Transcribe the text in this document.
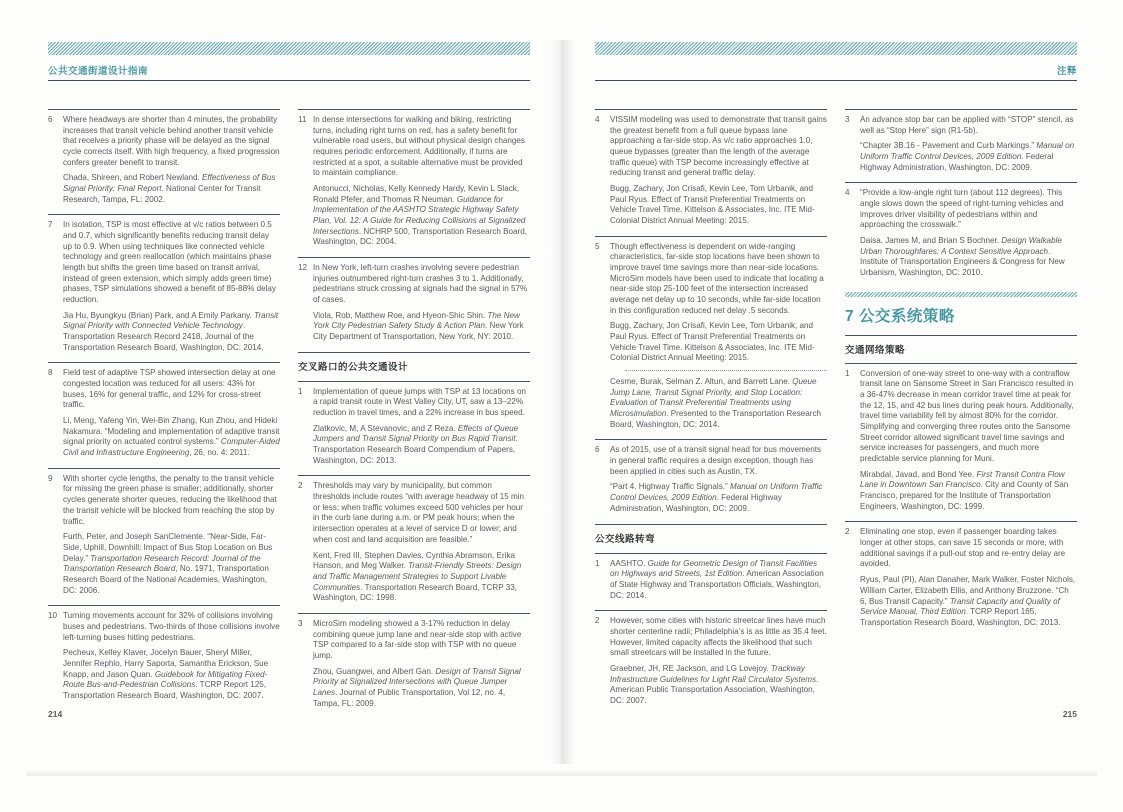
公共交通街道设计指南
6	Where headways are shorter than 4 minutes, the probability increases that transit vehicle behind another transit vehicle that receives a priority phase will be delayed as the signal cycle corrects itself. With high frequency, a fixed progression confers greater benefit to transit.
Chada, Shireen, and Robert Newland. Effectiveness of Bus Signal Priority: Final Report. National Center for Transit Research, Tampa, FL: 2002.
7	In isolation, TSP is most effective at v/c ratios between 0.5 and 0.7, which significantly benefits reducing transit delay up to 0.9. When using techniques like connected vehicle technology and green reallocation (which maintains phase length but shifts the green time based on transit arrival, instead of green extension, which simply adds green time) phases, TSP simulations showed a benefit of 85-88% delay reduction.
Jia Hu, Byungkyu (Brian) Park, and A Emily Parkany. Transit Signal Priority with Connected Vehicle Technology. Transportation Research Record 2418, Journal of the Transportation Research Board, Washington, DC: 2014.
8	Field test of adaptive TSP showed intersection delay at one congested location was reduced for all users: 43% for buses, 16% for general traffic, and 12% for cross-street traffic.
Li, Meng, Yafeng Yin, Wei-Bin Zhang, Kun Zhou, and Hideki Nakamura. “Modeling and implementation of adaptive transit signal priority on actuated control systems.” Computer-Aided Civil and Infrastructure Engineering, 26, no. 4: 2011.
9	With shorter cycle lengths, the penalty to the transit vehicle for missing the green phase is smaller; additionally, shorter cycles generate shorter queues, reducing the likelihood that the transit vehicle will be blocked from reaching the stop by traffic.
Furth, Peter, and Joseph SanClemente. “Near-Side, Far-Side, Uphill, Downhill: Impact of Bus Stop Location on Bus Delay.” Transportation Research Record: Journal of the Transportation Research Board, No. 1971, Transportation Research Board of the National Academies, Washington, DC: 2006.
10 Turning movements account for 32% of collisions involving buses and pedestrians. Two-thirds of those collisions involve left-turning buses hitting pedestrians.
Pecheux, Kelley Klaver, Jocelyn Bauer, Sheryl Miller, Jennifer Rephlo, Harry Saporta, Samantha Erickson, Sue Knapp, and Jason Quan. Guidebook for Mitigating Fixed-Route Bus-and-Pedestrian Collisions. TCRP Report 125, Transportation Research Board, Washington, DC: 2007.
11 In dense intersections for walking and biking, restricting turns, including right turns on red, has a safety benefit for vulnerable road users, but without physical design changes requires periodic enforcement. Additionally, if turns are restricted at a spot, a suitable alternative must be provided to maintain compliance.
Antonucci, Nicholas, Kelly Kennedy Hardy, Kevin L Slack, Ronald Pfefer, and Thomas R Neuman. Guidance for Implementation of the AASHTO Strategic Highway Safety Plan, Vol. 12: A Guide for Reducing Collisions at Signalized Intersections. NCHRP 500, Transportation Research Board, Washington, DC: 2004.
12 In New York, left-turn crashes involving severe pedestrian injuries outnumbered right-turn crashes 3 to 1. Additionally, pedestrians struck crossing at signals had the signal in 57% of cases.
Viola, Rob, Matthew Roe, and Hyeon-Shic Shin. The New York City Pedestrian Safety Study & Action Plan. New York City Department of Transportation, New York, NY: 2010.
交叉路口的公共交通设计
1	Implementation of queue jumps with TSP at 13 locations on a rapid transit route in West Valley City, UT, saw a 13–22% reduction in travel times, and a 22% increase in bus speed.
Zlatkovic, M, A Stevanovic, and Z Reza. Effects of Queue Jumpers and Transit Signal Priority on Bus Rapid Transit. Transportation Research Board Compendium of Papers, Washington, DC: 2013.
2	Thresholds may vary by municipality, but common thresholds include routes “with average headway of 15 min or less; when traffic volumes exceed 500 vehicles per hour in the curb lane during a.m. or PM peak hours; when the intersection operates at a level of service D or lower; and when cost and land acquisition are feasible.”
Kent, Fred III, Stephen Davies, Cynthia Abramson, Erika Hanson, and Meg Walker. Transit-Friendly Streets: Design and Traffic Management Strategies to Support Livable Communities. Transportation Research Board, TCRP 33, Washington, DC: 1998.
3	MicroSim modeling showed a 3-17% reduction in delay combining queue jump lane and near-side stop with active TSP compared to a far-side stop with TSP with no queue jump.
Zhou, Guangwei, and Albert Gan. Design of Transit Signal Priority at Signalized Intersections with Queue Jumper Lanes. Journal of Public Transportation, Vol 12, no. 4, Tampa, FL: 2009.
214
注释
4	VISSIM modeling was used to demonstrate that transit gains the greatest benefit from a full queue bypass lane approaching a far-side stop. As v/c ratio approaches 1.0, queue bypasses (greater than the length of the average traffic queue) with TSP become increasingly effective at reducing transit and general traffic delay.
Bugg, Zachary, Jon Crisafi, Kevin Lee, Tom Urbanik, and Paul Ryus. Effect of Transit Preferential Treatments on Vehicle Travel Time. Kittelson & Associates, Inc. ITE Mid-Colonial District Annual Meeting: 2015.
5	Though effectiveness is dependent on wide-ranging characteristics, far-side stop locations have been shown to improve travel time savings more than near-side locations. MicroSim models have been used to indicate that locating a near-side stop 25-100 feet of the intersection increased average net delay up to 10 seconds, while far-side location in this configuration reduced net delay .5 seconds.
Bugg, Zachary, Jon Crisafi, Kevin Lee, Tom Urbanik, and Paul Ryus. Effect of Transit Preferential Treatments on Vehicle Travel Time. Kittelson & Associates, Inc. ITE Mid-Colonial District Annual Meeting: 2015.
Cesme, Burak, Selman Z. Altun, and Barrett Lane. Queue Jump Lane, Transit Signal Priority, and Stop Location: Evaluation of Transit Preferential Treatments using Microsimulation. Presented to the Transportation Research Board, Washington, DC: 2014.
6	As of 2015, use of a transit signal head for bus movements in general traffic requires a design exception, though has been applied in cities such as Austin, TX.
“Part 4. Highway Traffic Signals.” Manual on Uniform Traffic Control Devices, 2009 Edition. Federal Highway Administration, Washington, DC: 2009.
公交线路转弯
1	AASHTO. Guide for Geometric Design of Transit Facilities on Highways and Streets, 1st Edition. American Association of State Highway and Transportation Officials, Washington, DC: 2014.
2	However, some cities with historic streetcar lines have much shorter centerline radii; Philadelphia’s is as little as 35.4 feet. However, limited capacity affects the likelihood that such small streetcars will be installed in the future.
Graebner, JH, RE Jackson, and LG Lovejoy. Trackway Infrastructure Guidelines for Light Rail Circulator Systems. American Public Transportation Association, Washington, DC: 2007.
3	An advance stop bar can be applied with “STOP” stencil, as well as “Stop Here” sign (R1-5b).
“Chapter 3B.16 - Pavement and Curb Markings.” Manual on Uniform Traffic Control Devices, 2009 Edition. Federal Highway Administration, Washington, DC: 2009.
4	“Provide a low-angle right turn (about 112 degrees). This angle slows down the speed of right-turning vehicles and improves driver visibility of pedestrians within and approaching the crosswalk.”
Daisa, James M, and Brian S Bochner. Design Walkable Urban Thoroughfares: A Context Sensitive Approach. Institute of Transportation Engineers & Congress for New Urbanism, Washington, DC: 2010.
7 公交系统策略
交通网络策略
1	Conversion of one-way street to one-way with a contraflow transit lane on Sansome Street in San Francisco resulted in a 36-47% decrease in mean corridor travel time at peak for the 12, 15, and 42 bus lines during peak hours. Additionally, travel time variability fell by almost 80% for the corridor. Simplifying and converging three routes onto the Sansome Street corridor allowed significant travel time savings and service increases for passengers, and much more predictable service planning for Muni.
Mirabdal, Javad, and Bond Yee. First Transit Contra Flow Lane in Downtown San Francisco. City and County of San Francisco, prepared for the Institute of Transportation Engineers, Washington, DC: 1999.
2	Eliminating one stop, even if passenger boarding takes longer at other stops, can save 15 seconds or more, with additional savings if a pull-out stop and re-entry delay are avoided.
Ryus, Paul (PI), Alan Danaher, Mark Walker, Foster Nichols, William Carter, Elizabeth Ellis, and Anthony Bruzzone. “Ch 6, Bus Transit Capacity.” Transit Capacity and Quality of Service Manual, Third Edition. TCRP Report 165, Transportation Research Board, Washington, DC: 2013.
215
